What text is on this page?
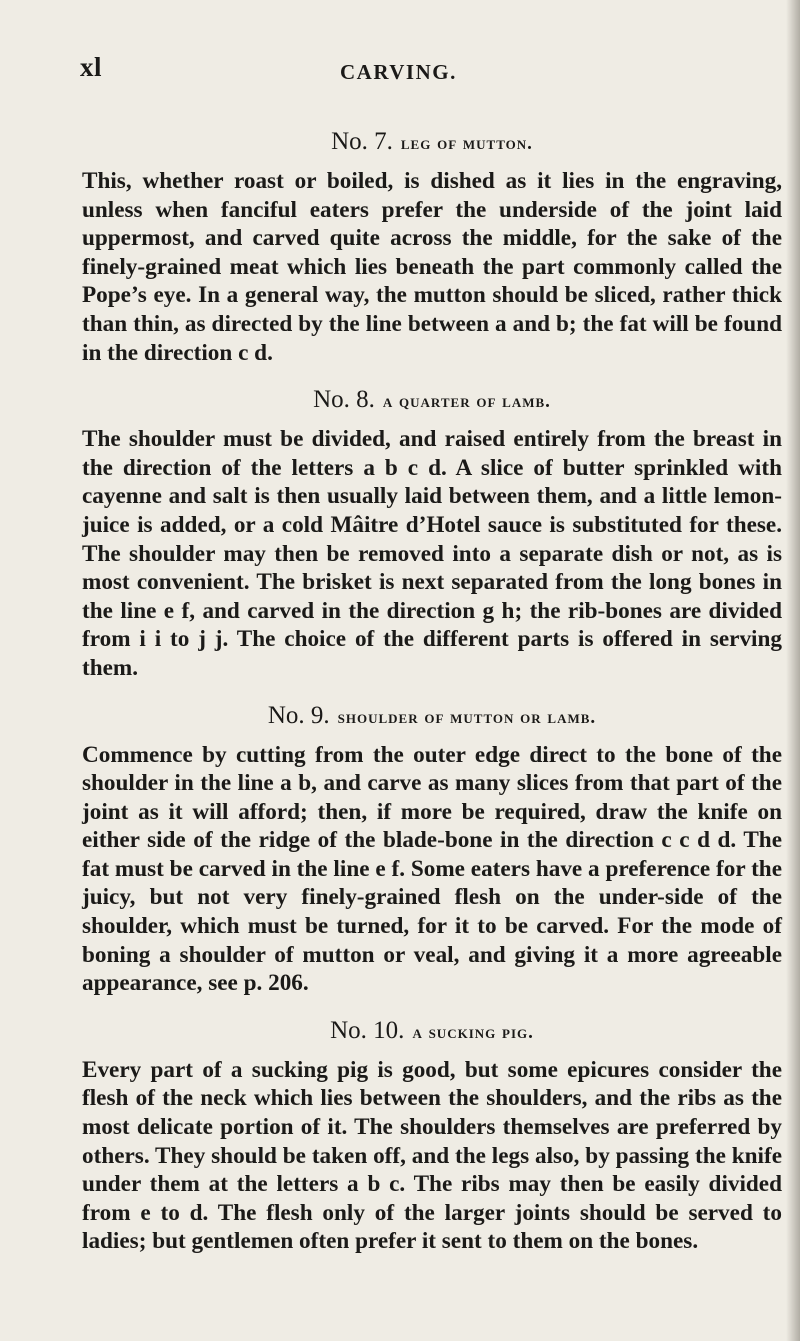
xl	CARVING.
No. 7. leg of mutton.

This, whether roast or boiled, is dished as it lies in the engraving, unless when fanciful eaters prefer the underside of the joint laid uppermost, and carved quite across the middle, for the sake of the finely-grained meat which lies beneath the part commonly called the Pope’s eye. In a general way, the mutton should be sliced, rather thick than thin, as directed by the line between a and b; the fat will be found in the direction c d.

No. 8. a quarter of lamb.

The shoulder must be divided, and raised entirely from the breast in the direction of the letters a b c d. A slice of butter sprinkled with cayenne and salt is then usually laid between them, and a little lemon-juice is added, or a cold Mâitre d’Hotel sauce is substituted for these. The shoulder may then be removed into a separate dish or not, as is most convenient. The brisket is next separated from the long bones in the line e f, and carved in the direction g h; the rib-bones are divided from i i to j j. The choice of the different parts is offered in serving them.

No. 9. shoulder of mutton or lamb.

Commence by cutting from the outer edge direct to the bone of the shoulder in the line a b, and carve as many slices from that part of the joint as it will afford; then, if more be required, draw the knife on either side of the ridge of the blade-bone in the direction c c d d. The fat must be carved in the line e f. Some eaters have a preference for the juicy, but not very finely-grained flesh on the under-side of the shoulder, which must be turned, for it to be carved. For the mode of boning a shoulder of mutton or veal, and giving it a more agreeable appearance, see p. 206.

No. 10. a sucking pig.

Every part of a sucking pig is good, but some epicures consider the flesh of the neck which lies between the shoulders, and the ribs as the most delicate portion of it. The shoulders themselves are preferred by others. They should be taken off, and the legs also, by passing the knife under them at the letters a b c. The ribs may then be easily divided from e to d. The flesh only of the larger joints should be served to ladies; but gentlemen often prefer it sent to them on the bones.
